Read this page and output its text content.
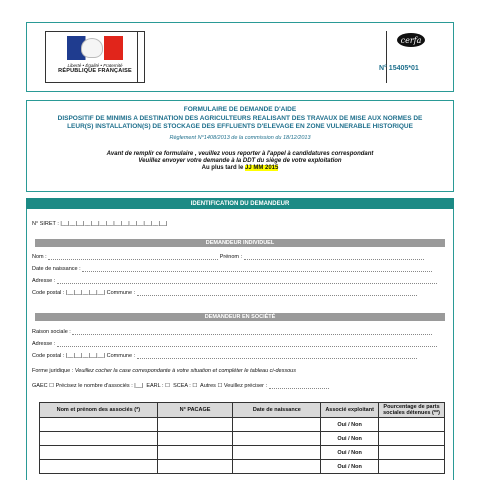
Liberté • Égalité • Fraternité
RÉPUBLIQUE FRANÇAISE
cerfa
N° 15405*01
FORMULAIRE DE DEMANDE D'AIDE
DISPOSITIF DE MINIMIS A DESTINATION DES AGRICULTEURS REALISANT DES TRAVAUX DE MISE AUX NORMES DE LEUR(S) INSTALLATION(S) DE STOCKAGE DES EFFLUENTS D'ELEVAGE EN ZONE VULNERABLE HISTORIQUE
Règlement N°1408/2013 de la commission du 18/12/2013
Avant de remplir ce formulaire , veuillez vous reporter à l'appel à candidatures correspondant
Veuillez envoyer votre demande à la DDT du siège de votre exploitation
Au plus tard le JJ MM 2015
IDENTIFICATION DU DEMANDEUR
N° SIRET : |__|__|__|__|__|__|__|__|__|__|__|__|__|__|
DEMANDEUR INDIVIDUEL
Nom :	Prénom :
Date de naissance :
Adresse :
Code postal : |__|__|__|__|__| Commune :
DEMANDEUR EN SOCIÉTÉ
Raison sociale :
Adresse :
Code postal : |__|__|__|__|__| Commune :
Forme juridique : Veuillez cocher la case correspondante à votre situation et compléter le tableau ci-dessous
GAEC ☐ Précisez le nombre d'associés : |__| EARL : ☐ SCEA : ☐ Autres ☐ Veuillez préciser :
Nom et prénom des associés (*)	N° PACAGE	Date de naissance	Associé exploitant	Pourcentage de parts sociales détenues (**)
			Oui / Non	
			Oui / Non	
			Oui / Non	
			Oui / Non	
